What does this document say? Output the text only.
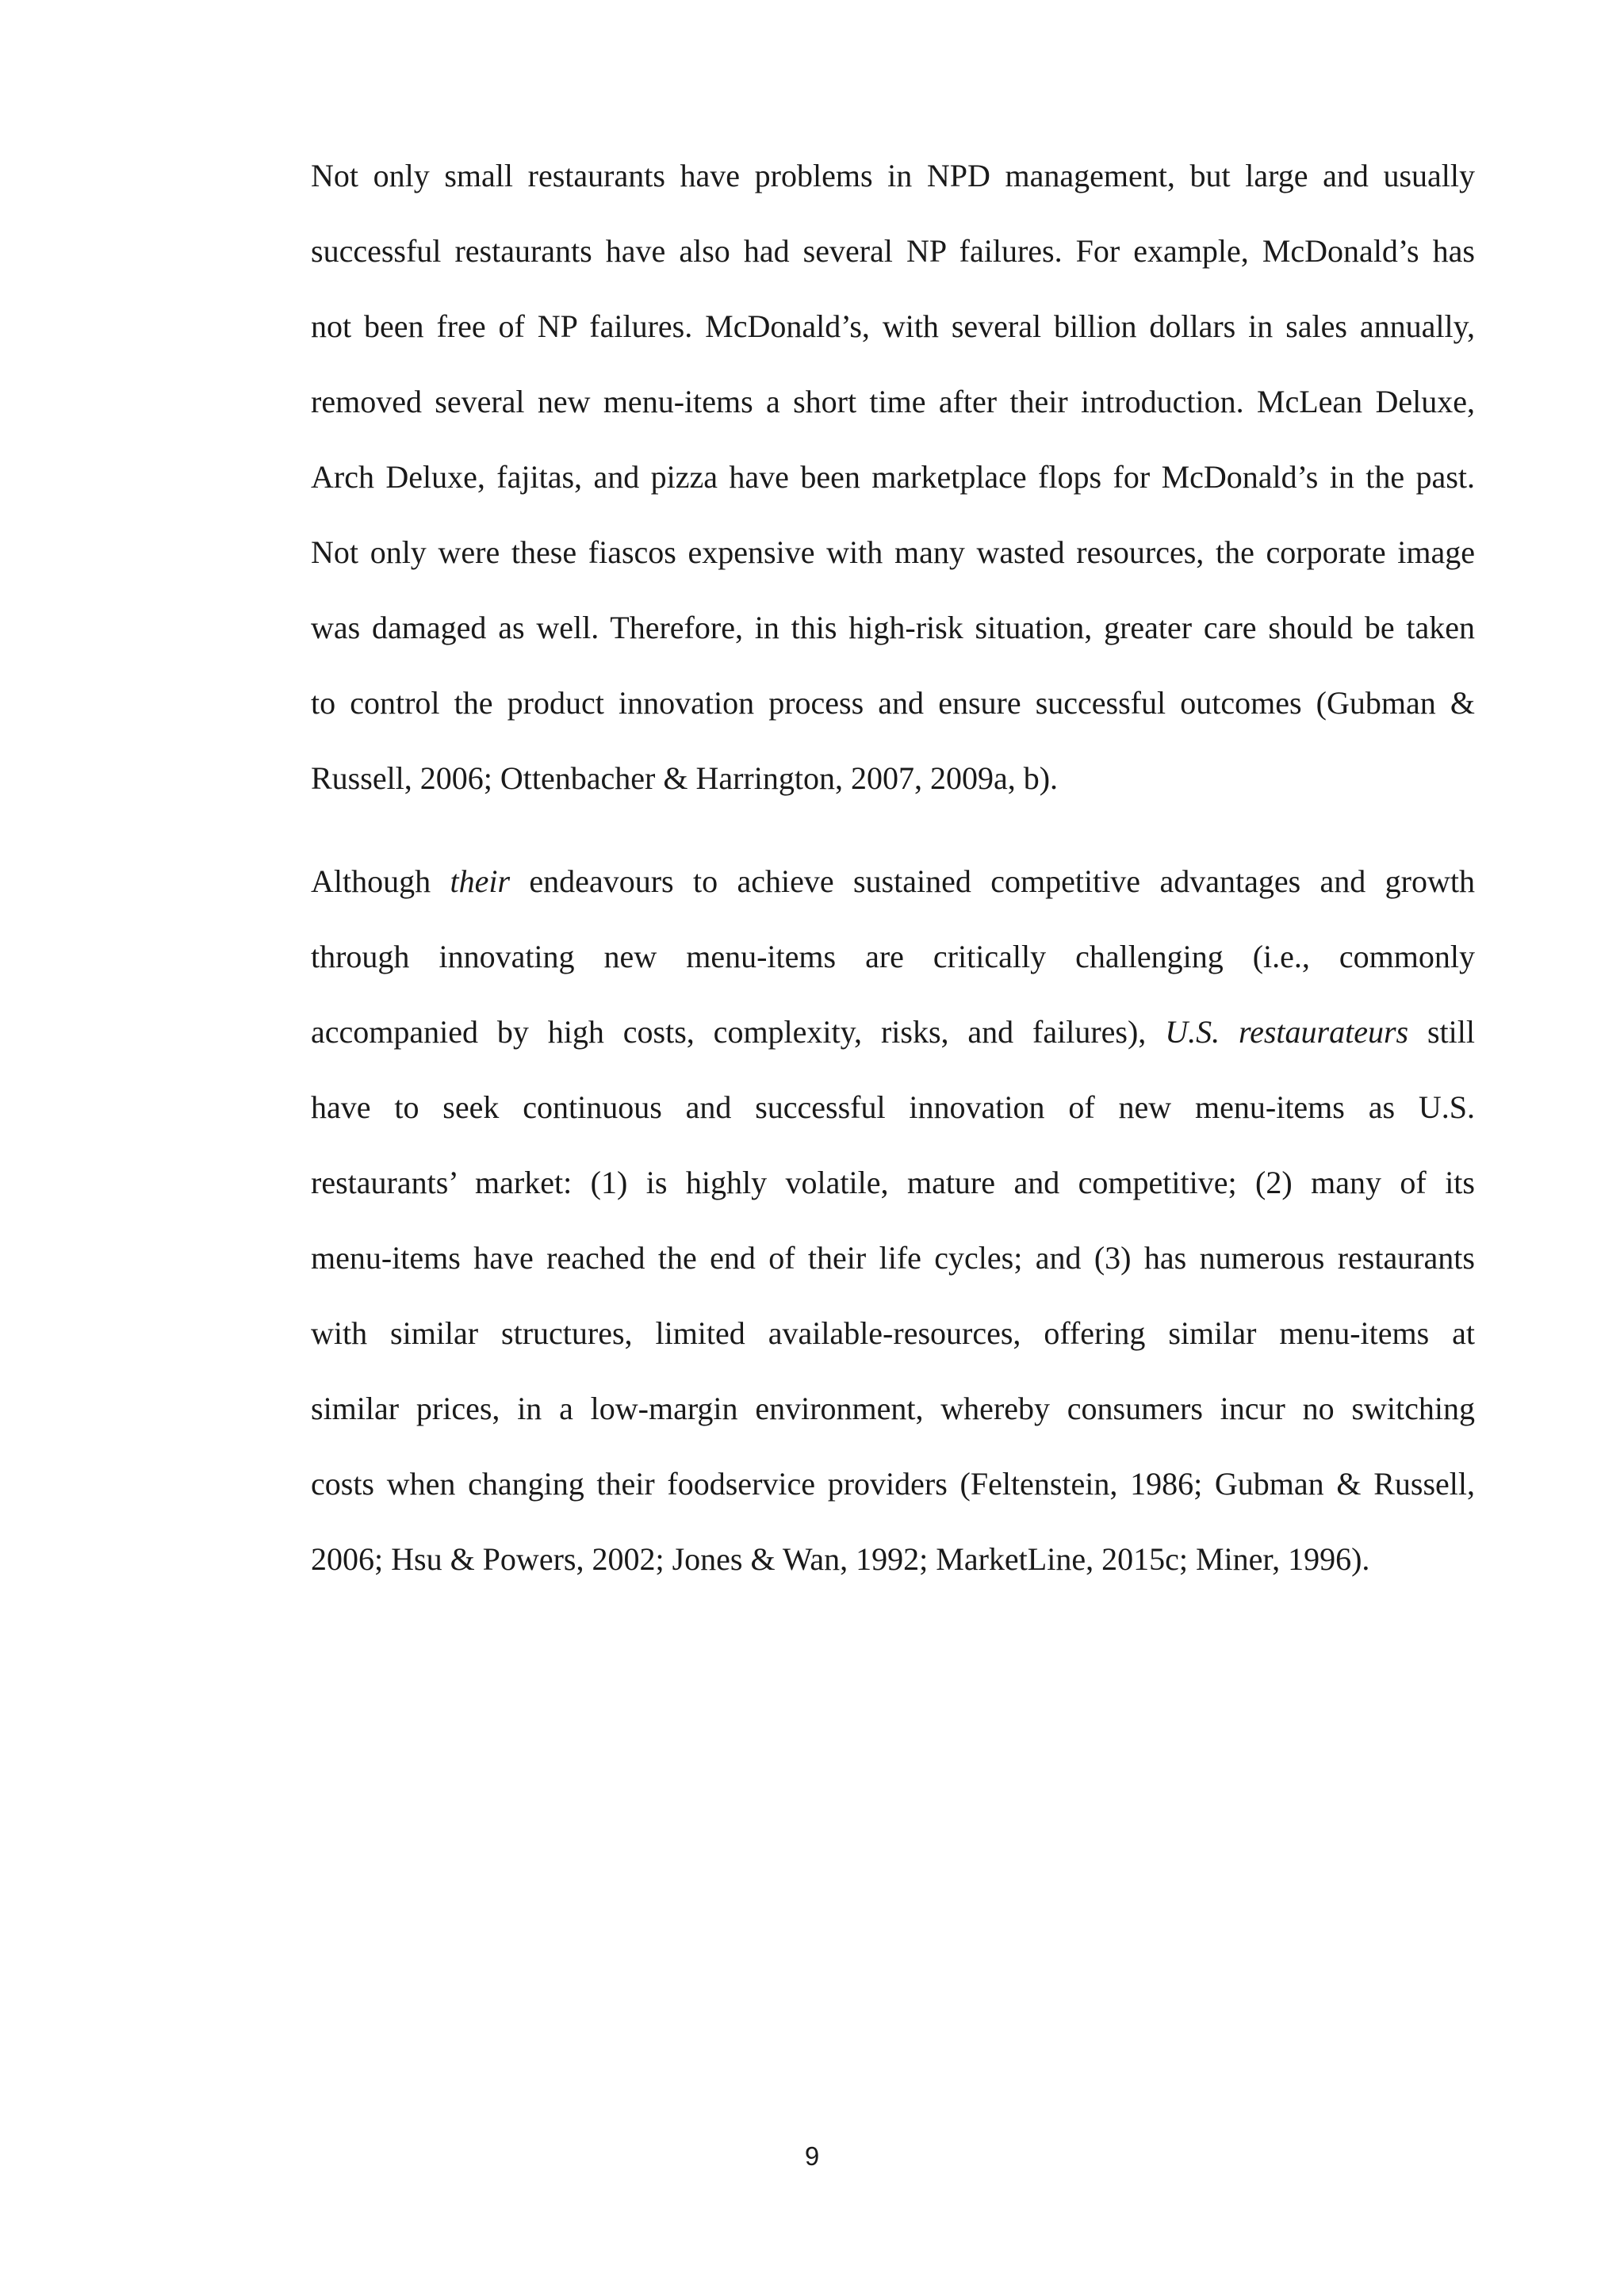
Not only small restaurants have problems in NPD management, but large and usually
successful restaurants have also had several NP failures. For example, McDonald’s has
not been free of NP failures. McDonald’s, with several billion dollars in sales annually,
removed several new menu-items a short time after their introduction. McLean Deluxe,
Arch Deluxe, fajitas, and pizza have been marketplace flops for McDonald’s in the past.
Not only were these fiascos expensive with many wasted resources, the corporate image
was damaged as well. Therefore, in this high-risk situation, greater care should be taken
to control the product innovation process and ensure successful outcomes (Gubman &
Russell, 2006; Ottenbacher & Harrington, 2007, 2009a, b).
Although their endeavours to achieve sustained competitive advantages and growth
through innovating new menu-items are critically challenging (i.e., commonly
accompanied by high costs, complexity, risks, and failures), U.S. restaurateurs still
have to seek continuous and successful innovation of new menu-items as U.S.
restaurants’ market: (1) is highly volatile, mature and competitive; (2) many of its
menu-items have reached the end of their life cycles; and (3) has numerous restaurants
with similar structures, limited available-resources, offering similar menu-items at
similar prices, in a low-margin environment, whereby consumers incur no switching
costs when changing their foodservice providers (Feltenstein, 1986; Gubman & Russell,
2006; Hsu & Powers, 2002; Jones & Wan, 1992; MarketLine, 2015c; Miner, 1996).
9
